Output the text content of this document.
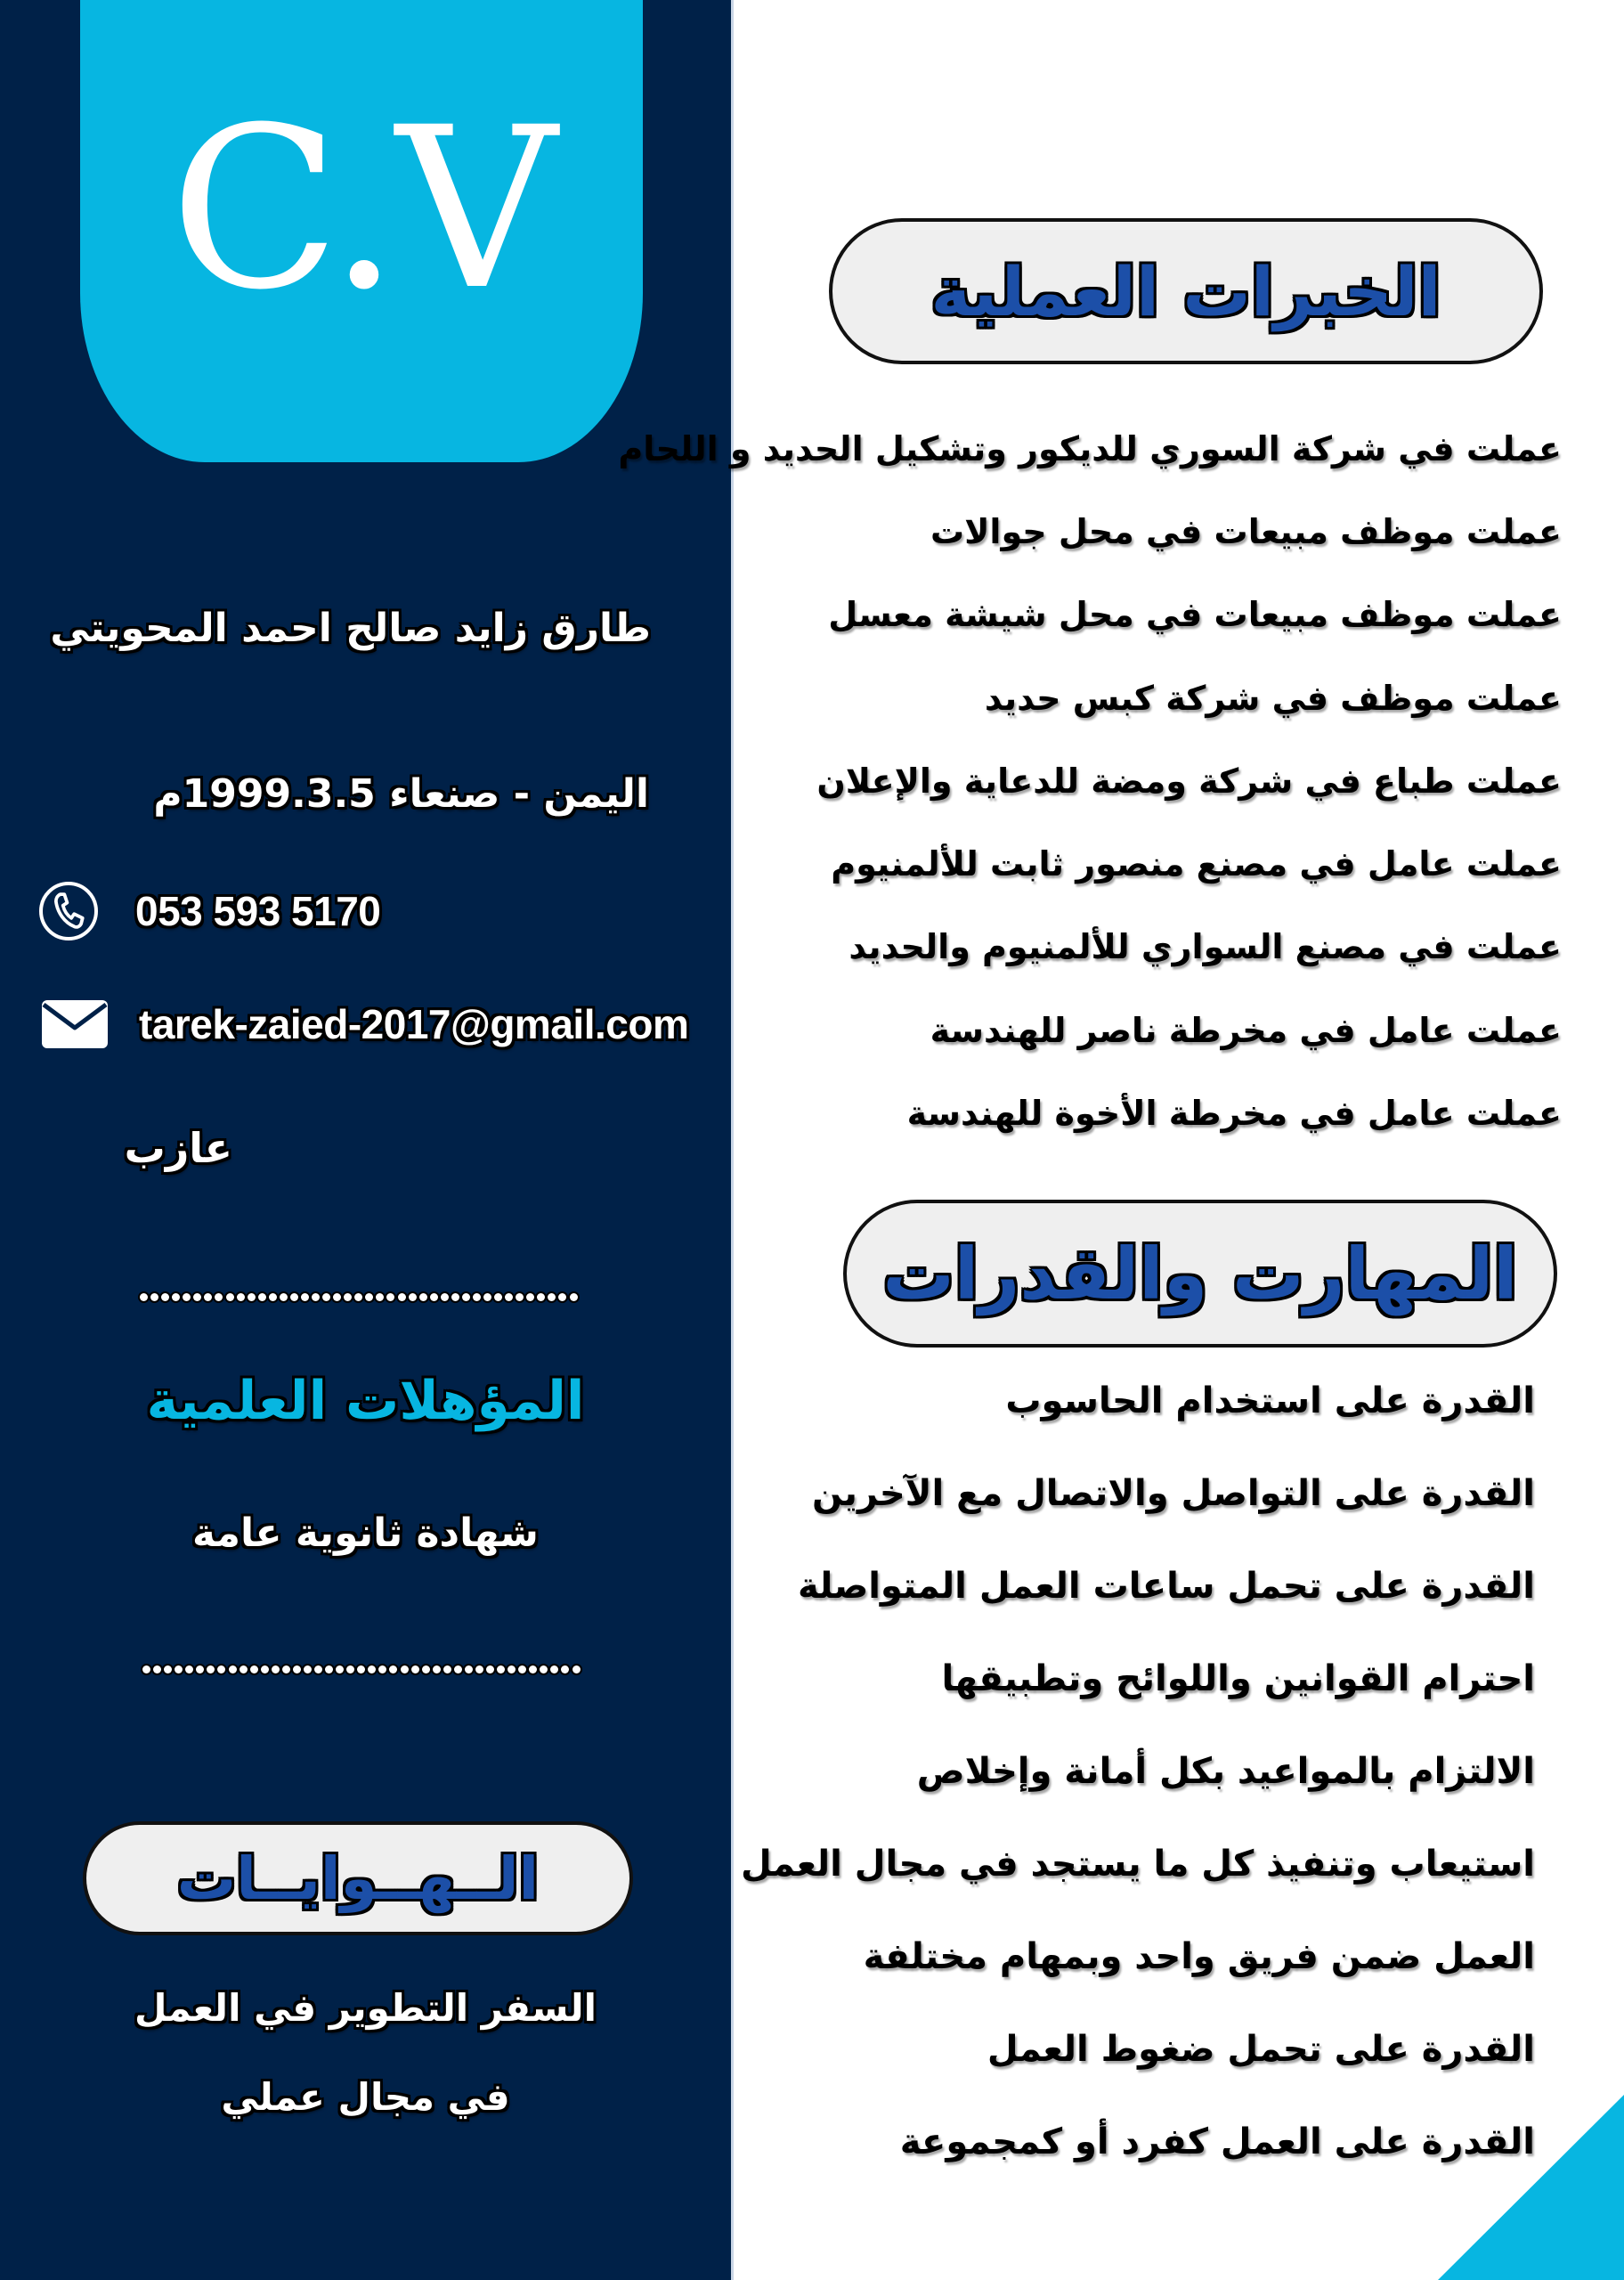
C.V
طارق زايد صالح احمد المحويتي
اليمن - صنعاء 1999.3.5م
053 593 5170
tarek-zaied-2017@gmail.com
عازب
المؤهلات العلمية
شهادة ثانوية عامة
الــهــوايــات
السفر التطوير في العمل
في مجال عملي
الخبرات العملية
عملت في شركة السوري للديكور وتشكيل الحديد و اللحام
عملت موظف مبيعات في محل جوالات
عملت موظف مبيعات في محل شيشة معسل
عملت موظف في شركة كبس حديد
عملت طباع في شركة ومضة للدعاية والإعلان
عملت عامل في مصنع منصور ثابت للألمنيوم
عملت في مصنع السواري للألمنيوم والحديد
عملت عامل في مخرطة ناصر للهندسة
عملت عامل في مخرطة الأخوة للهندسة
المهارت والقدرات
القدرة على استخدام الحاسوب
القدرة على التواصل والاتصال مع الآخرين
القدرة على تحمل ساعات العمل المتواصلة
احترام القوانين واللوائح وتطبيقها
الالتزام بالمواعيد بكل أمانة وإخلاص
استيعاب وتنفيذ كل ما يستجد في مجال العمل
العمل ضمن فريق واحد وبمهام مختلفة
القدرة على تحمل ضغوط العمل
القدرة على العمل كفرد أو كمجموعة
